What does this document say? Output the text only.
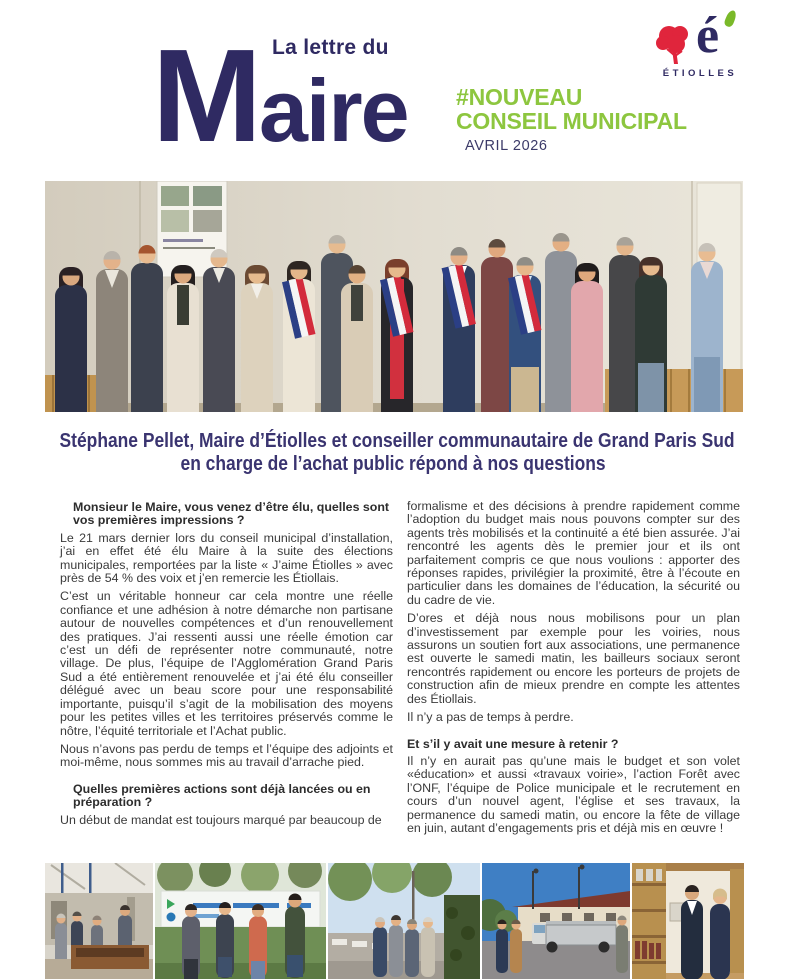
M aire
La lettre du
#NOUVEAU
CONSEIL MUNICIPAL
AVRIL 2026
é
ÉTIOLLES
Stéphane Pellet, Maire d’Étiolles et conseiller communautaire de Grand Paris Sud
en charge de l’achat public répond à nos questions

Monsieur le Maire, vous venez d’être élu, quelles sont vos premières impressions ?

Le 21 mars dernier lors du conseil municipal d’installation, j’ai en effet été élu Maire à la suite des élections municipales, remportées par la liste « J’aime Étiolles » avec près de 54 % des voix et j’en remercie les Étiollais.

C’est un véritable honneur car cela montre une réelle confiance et une adhésion à notre démarche non partisane autour de nouvelles compétences et d’un renouvellement des pratiques. J’ai ressenti aussi une réelle émotion car c’est un défi de représenter notre communauté, notre village. De plus, l’équipe de l’Agglomération Grand Paris Sud a été entièrement renouvelée et j’ai été élu conseiller délégué avec un beau score pour une responsabilité importante, puisqu’il s’agit de la mobilisation des moyens pour les petites villes et les territoires préservés comme le nôtre, l’équité territoriale et l’Achat public.

Nous n’avons pas perdu de temps et l’équipe des adjoints et moi-même, nous sommes mis au travail d’arrache pied.

Quelles premières actions sont déjà lancées ou en préparation ?

Un début de mandat est toujours marqué par beaucoup de

formalisme et des décisions à prendre rapidement comme l’adoption du budget mais nous pouvons compter sur des agents très mobilisés et la continuité a été bien assurée. J’ai rencontré les agents dès le premier jour et ils ont parfaitement compris ce que nous voulions : apporter des réponses rapides, privilégier la proximité, être à l’écoute en particulier dans les domaines de l’éducation, la sécurité ou du cadre de vie.

D’ores et déjà nous nous mobilisons pour un plan d’investissement par exemple pour les voiries, nous assurons un soutien fort aux associations, une permanence est ouverte le samedi matin, les bailleurs sociaux seront rencontrés rapidement ou encore les porteurs de projets de construction afin de mieux prendre en compte les attentes des Étiollais.

Il n’y a pas de temps à perdre.

Et s’il y avait une mesure à retenir ?

Il n’y en aurait pas qu’une mais le budget et son volet «éducation» et aussi «travaux voirie», l’action Forêt avec l’ONF, l’équipe de Police municipale et le recrutement en cours d’un nouvel agent, l’église et ses travaux, la permanence du samedi matin, ou encore la fête de village en juin, autant d’engagements pris et déjà mis en œuvre !
